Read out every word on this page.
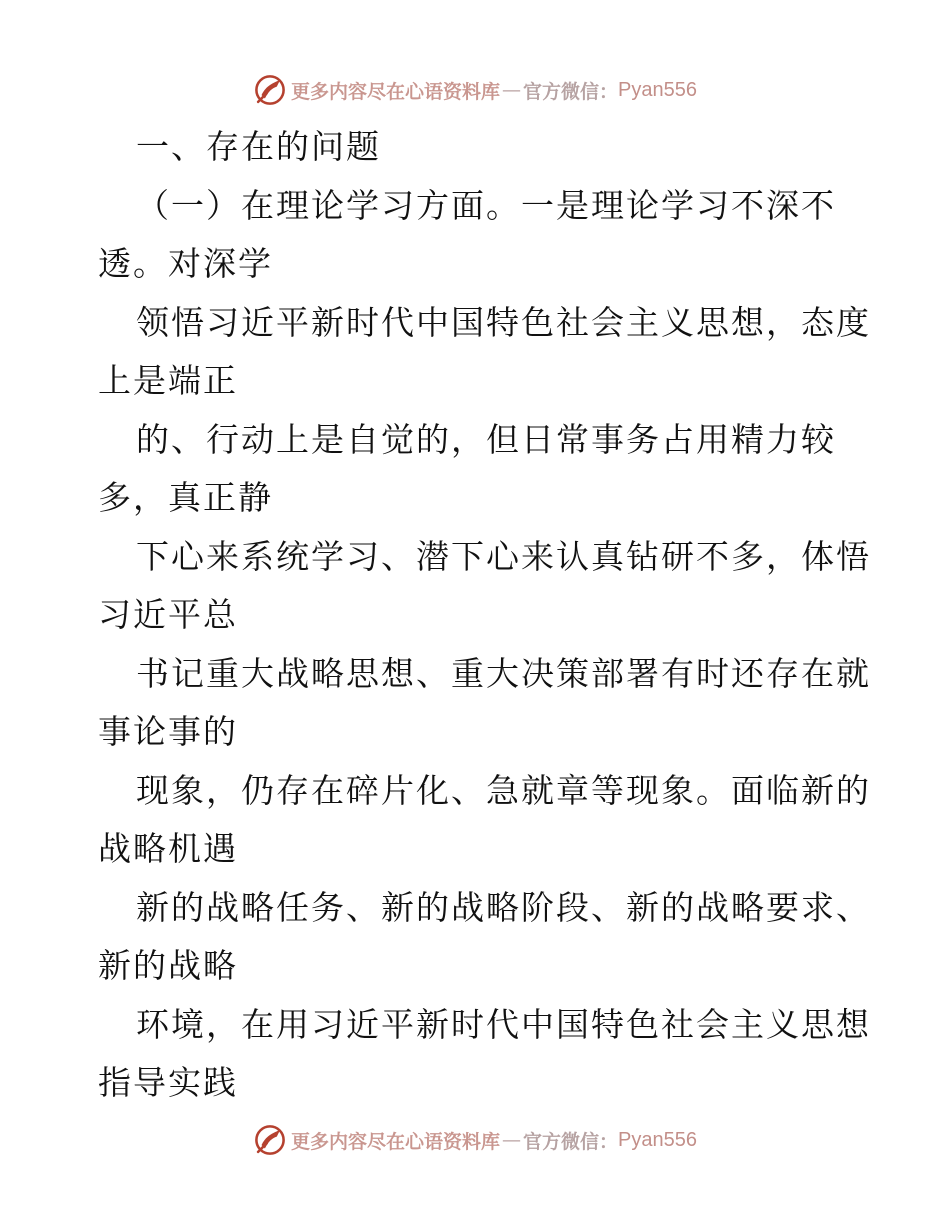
更多内容尽在心语资料库 — 官方微信： Pyan556
一、存在的问题
（一）在理论学习方面。一是理论学习不深不
透。对深学
领悟习近平新时代中国特色社会主义思想，态度
上是端正
的、行动上是自觉的，但日常事务占用精力较
多，真正静
下心来系统学习、潜下心来认真钻研不多，体悟
习近平总
书记重大战略思想、重大决策部署有时还存在就
事论事的
现象，仍存在碎片化、急就章等现象。面临新的
战略机遇
新的战略任务、新的战略阶段、新的战略要求、
新的战略
环境，在用习近平新时代中国特色社会主义思想
指导实践
更多内容尽在心语资料库 — 官方微信： Pyan556
